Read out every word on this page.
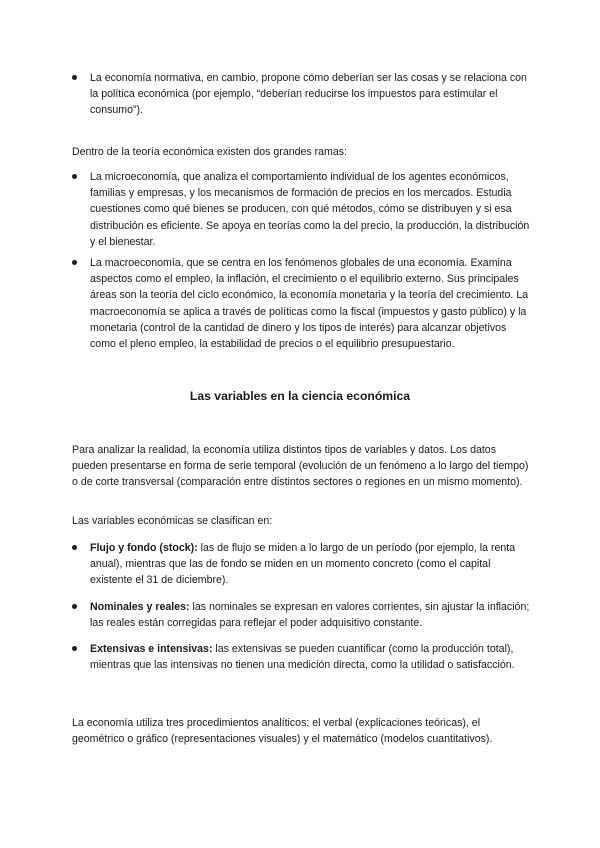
La economía normativa, en cambio, propone cómo deberían ser las cosas y se relaciona con la política económica (por ejemplo, “deberían reducirse los impuestos para estimular el consumo”).
Dentro de la teoría económica existen dos grandes ramas:
La microeconomía, que analiza el comportamiento individual de los agentes económicos, familias y empresas, y los mecanismos de formación de precios en los mercados. Estudia cuestiones como qué bienes se producen, con qué métodos, cómo se distribuyen y si esa distribución es eficiente. Se apoya en teorías como la del precio, la producción, la distribución y el bienestar.
La macroeconomía, que se centra en los fenómenos globales de una economía. Examina aspectos como el empleo, la inflación, el crecimiento o el equilibrio externo. Sus principales áreas son la teoría del ciclo económico, la economía monetaria y la teoría del crecimiento. La macroeconomía se aplica a través de políticas como la fiscal (impuestos y gasto público) y la monetaria (control de la cantidad de dinero y los tipos de interés) para alcanzar objetivos como el pleno empleo, la estabilidad de precios o el equilibrio presupuestario.
Las variables en la ciencia económica
Para analizar la realidad, la economía utiliza distintos tipos de variables y datos. Los datos pueden presentarse en forma de serie temporal (evolución de un fenómeno a lo largo del tiempo) o de corte transversal (comparación entre distintos sectores o regiones en un mismo momento).
Las variables económicas se clasifican en:
Flujo y fondo (stock): las de flujo se miden a lo largo de un período (por ejemplo, la renta anual), mientras que las de fondo se miden en un momento concreto (como el capital existente el 31 de diciembre).
Nominales y reales: las nominales se expresan en valores corrientes, sin ajustar la inflación; las reales están corregidas para reflejar el poder adquisitivo constante.
Extensivas e intensivas: las extensivas se pueden cuantificar (como la producción total), mientras que las intensivas no tienen una medición directa, como la utilidad o satisfacción.
La economía utiliza tres procedimientos analíticos: el verbal (explicaciones teóricas), el geométrico o gráfico (representaciones visuales) y el matemático (modelos cuantitativos).
